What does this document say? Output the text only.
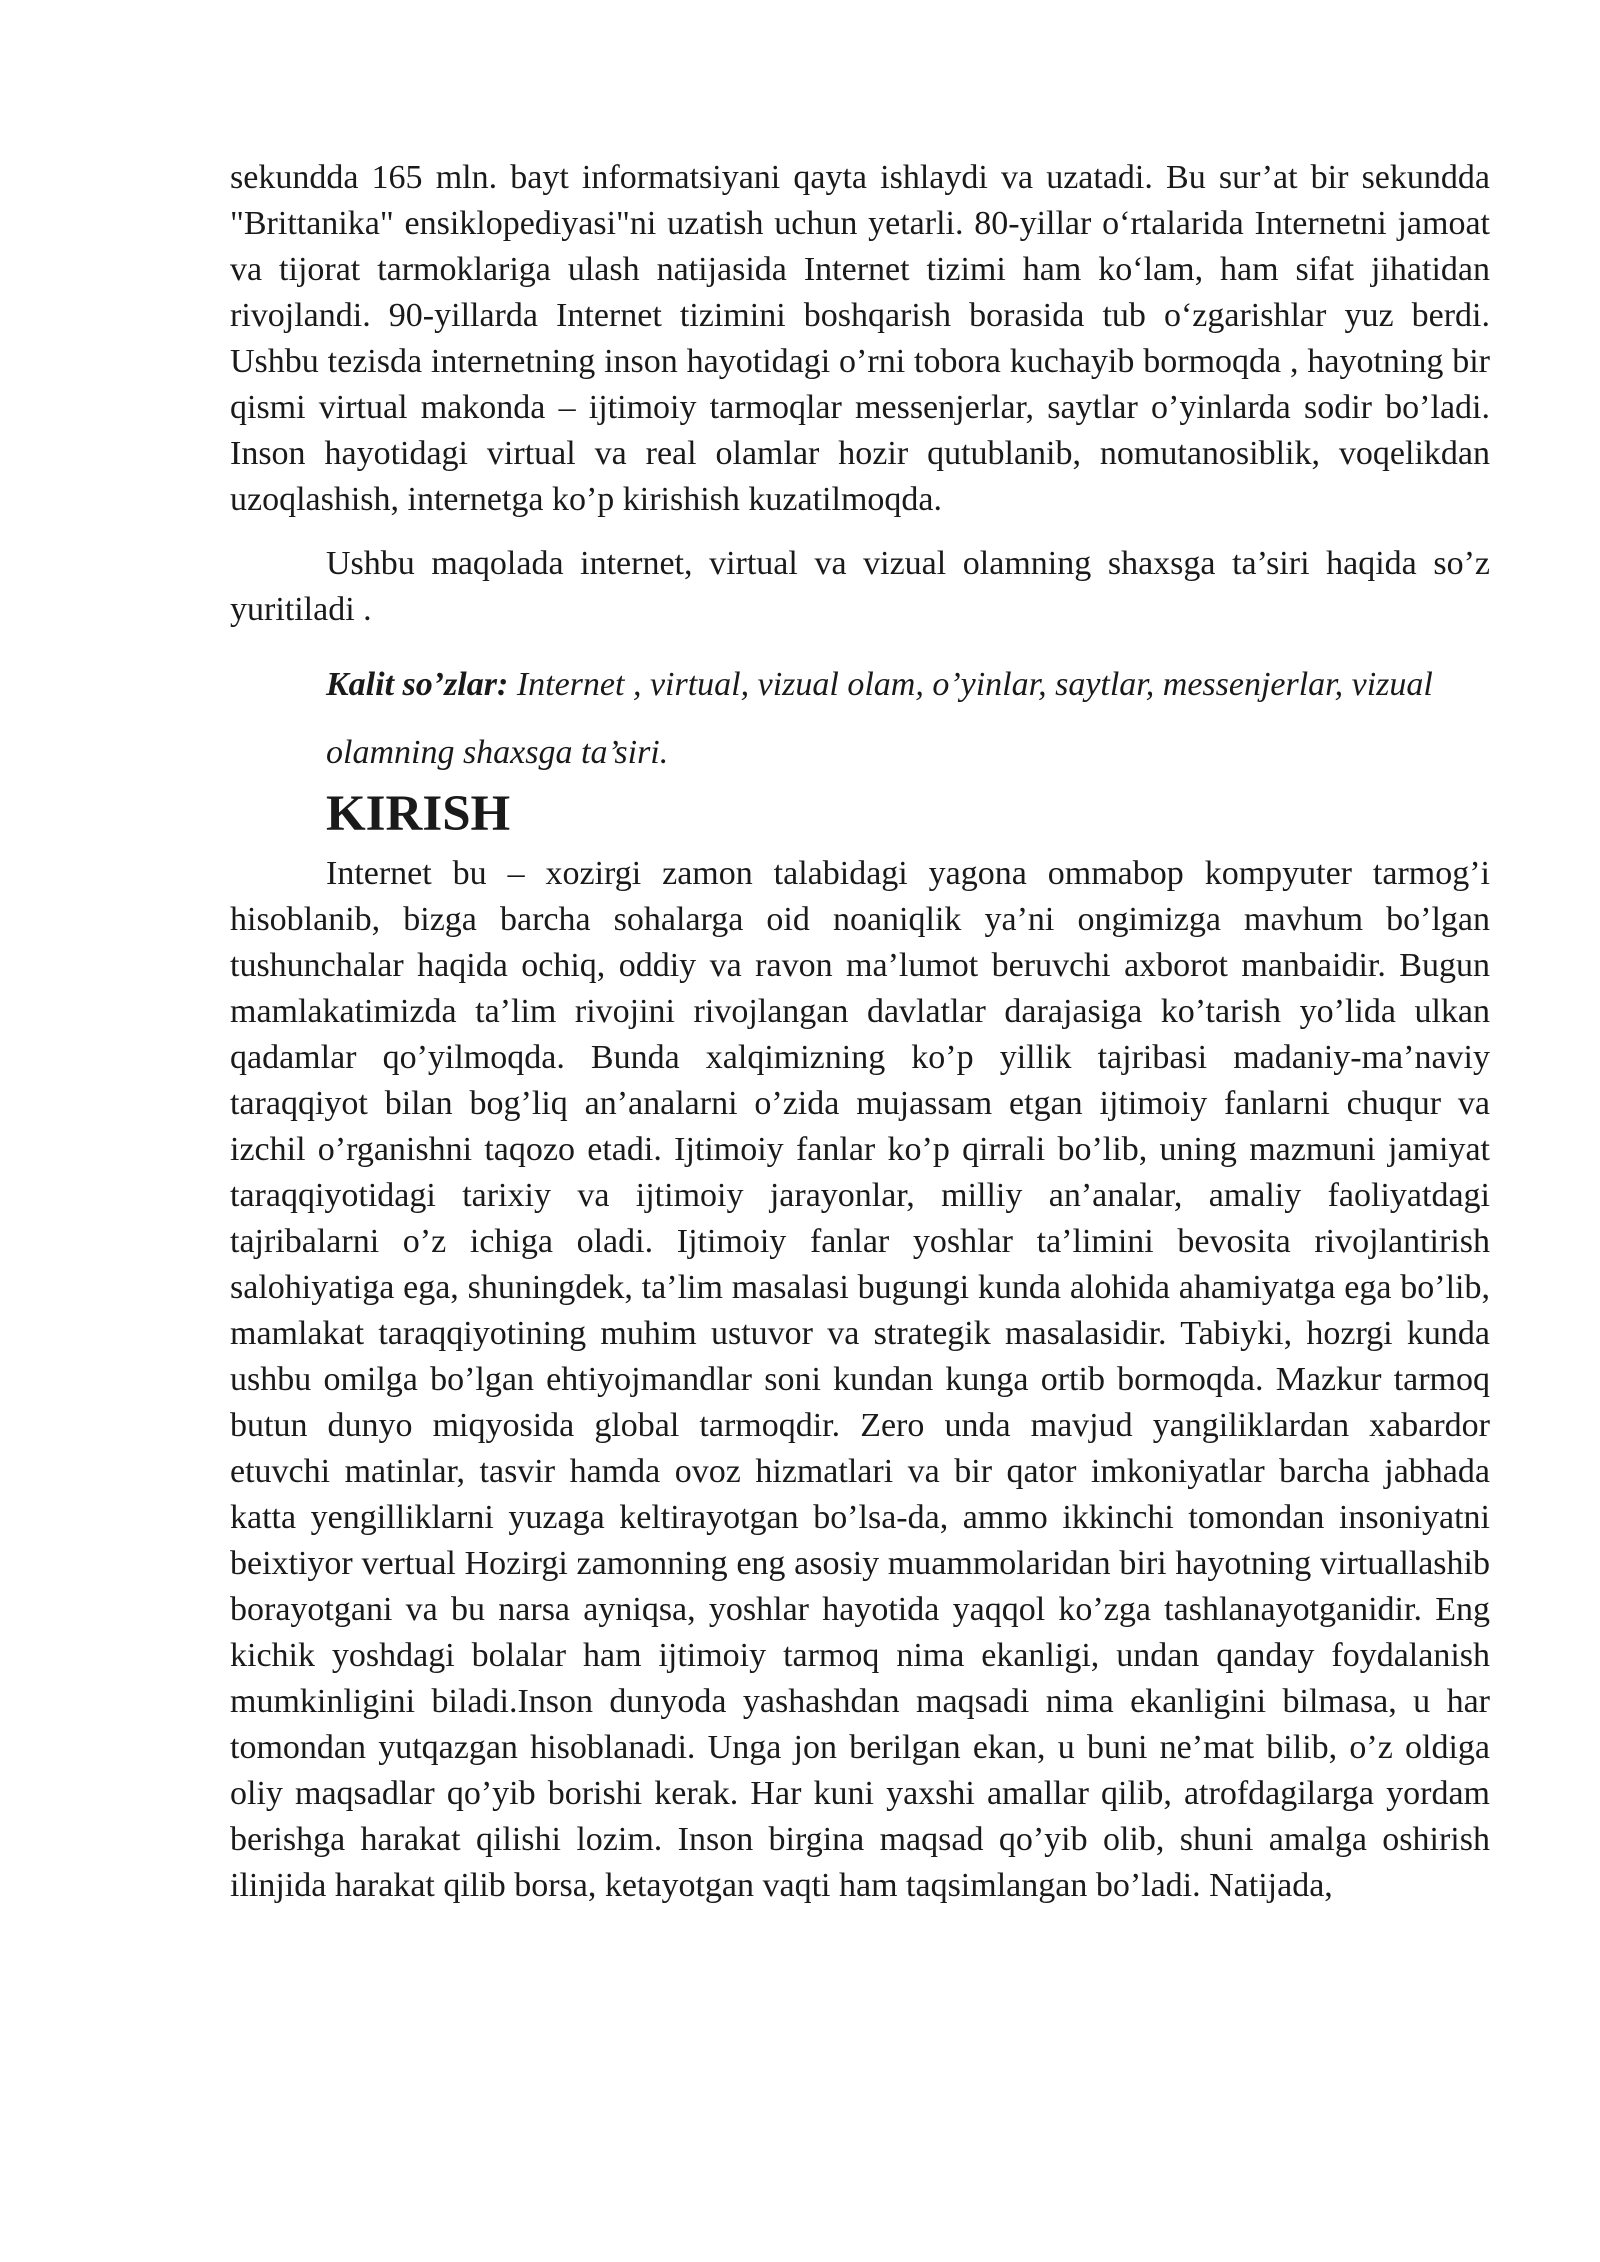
sekundda 165 mln. bayt informatsiyani qayta ishlaydi va uzatadi. Bu sur’at bir sekundda "Brittanika" ensiklopediyasi"ni uzatish uchun yetarli. 80-yillar o‘rtalarida Internetni jamoat va tijorat tarmoklariga ulash natijasida Internet tizimi ham ko‘lam, ham sifat jihatidan rivojlandi. 90-yillarda Internet tizimini boshqarish borasida tub o‘zgarishlar yuz berdi. Ushbu tezisda internetning inson hayotidagi o’rni tobora kuchayib bormoqda , hayotning bir qismi virtual makonda – ijtimoiy tarmoqlar messenjerlar, saytlar o’yinlarda sodir bo’ladi. Inson hayotidagi virtual va real olamlar hozir qutublanib, nomutanosiblik, voqelikdan uzoqlashish, internetga ko’p kirishish kuzatilmoqda.

Ushbu maqolada internet, virtual va vizual olamning shaxsga ta’siri haqida so’z yuritiladi .

Kalit so’zlar: Internet , virtual, vizual olam, o’yinlar, saytlar, messenjerlar, vizual olamning shaxsga ta’siri.

KIRISH

Internet bu – xozirgi zamon talabidagi yagona ommabop kompyuter tarmog’i hisoblanib, bizga barcha sohalarga oid noaniqlik ya’ni ongimizga mavhum bo’lgan tushunchalar haqida ochiq, oddiy va ravon ma’lumot beruvchi axborot manbaidir. Bugun mamlakatimizda ta’lim rivojini rivojlangan davlatlar darajasiga ko’tarish yo’lida ulkan qadamlar qo’yilmoqda. Bunda xalqimizning ko’p yillik tajribasi madaniy-ma’naviy taraqqiyot bilan bog’liq an’analarni o’zida mujassam etgan ijtimoiy fanlarni chuqur va izchil o’rganishni taqozo etadi. Ijtimoiy fanlar ko’p qirrali bo’lib, uning mazmuni jamiyat taraqqiyotidagi tarixiy va ijtimoiy jarayonlar, milliy an’analar, amaliy faoliyatdagi tajribalarni o’z ichiga oladi. Ijtimoiy fanlar yoshlar ta’limini bevosita rivojlantirish salohiyatiga ega, shuningdek, ta’lim masalasi bugungi kunda alohida ahamiyatga ega bo’lib, mamlakat taraqqiyotining muhim ustuvor va strategik masalasidir. Tabiyki, hozrgi kunda ushbu omilga bo’lgan ehtiyojmandlar soni kundan kunga ortib bormoqda. Mazkur tarmoq butun dunyo miqyosida global tarmoqdir. Zero unda mavjud yangiliklardan xabardor etuvchi matinlar, tasvir hamda ovoz hizmatlari va bir qator imkoniyatlar barcha jabhada katta yengilliklarni yuzaga keltirayotgan bo’lsa-da, ammo ikkinchi tomondan insoniyatni beixtiyor vertual Hozirgi zamonning eng asosiy muammolaridan biri hayotning virtuallashib borayotgani va bu narsa ayniqsa, yoshlar hayotida yaqqol ko’zga tashlanayotganidir. Eng kichik yoshdagi bolalar ham ijtimoiy tarmoq nima ekanligi, undan qanday foydalanish mumkinligini biladi.Inson dunyoda yashashdan maqsadi nima ekanligini bilmasa, u har tomondan yutqazgan hisoblanadi. Unga jon berilgan ekan, u buni ne’mat bilib, o’z oldiga oliy maqsadlar qo’yib borishi kerak. Har kuni yaxshi amallar qilib, atrofdagilarga yordam berishga harakat qilishi lozim. Inson birgina maqsad qo’yib olib, shuni amalga oshirish ilinjida harakat qilib borsa, ketayotgan vaqti ham taqsimlangan bo’ladi. Natijada,
